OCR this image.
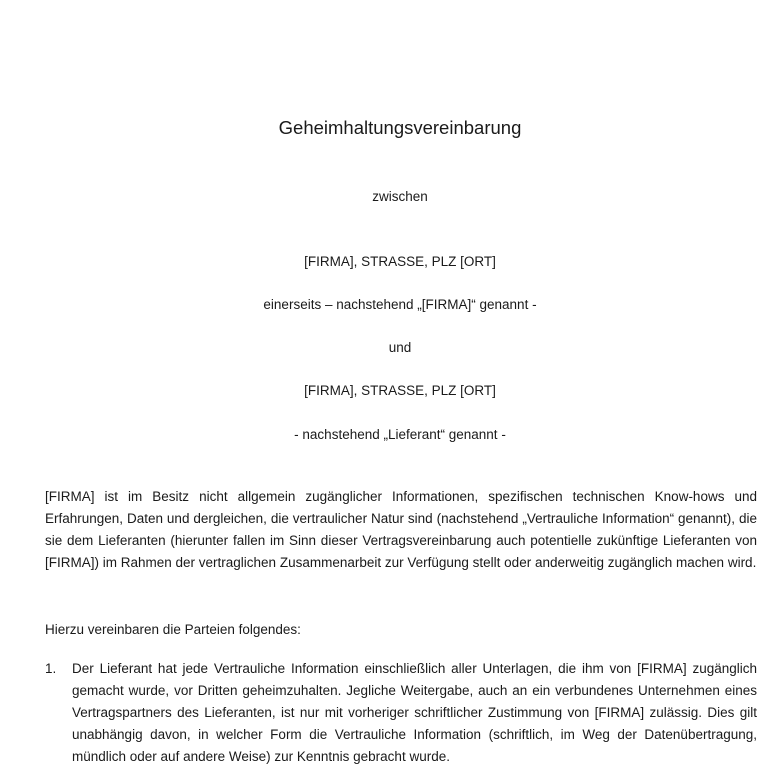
Geheimhaltungsvereinbarung
zwischen
[FIRMA], STRASSE, PLZ [ORT]
einerseits – nachstehend „[FIRMA]“ genannt -
und
[FIRMA], STRASSE, PLZ [ORT]
- nachstehend „Lieferant“ genannt -
[FIRMA] ist im Besitz nicht allgemein zugänglicher Informationen, spezifischen technischen Know-hows und Erfahrungen, Daten und dergleichen, die vertraulicher Natur sind (nachstehend „Vertrauliche Information“ genannt), die sie dem Lieferanten (hierunter fallen im Sinn dieser Vertragsvereinbarung auch potentielle zukünftige Lieferanten von [FIRMA]) im Rahmen der vertraglichen Zusammenarbeit zur Verfügung stellt oder anderweitig zugänglich machen wird.
Hierzu vereinbaren die Parteien folgendes:
1. Der Lieferant hat jede Vertrauliche Information einschließlich aller Unterlagen, die ihm von [FIRMA] zugänglich gemacht wurde, vor Dritten geheimzuhalten. Jegliche Weitergabe, auch an ein verbundenes Unternehmen eines Vertragspartners des Lieferanten, ist nur mit vorheriger schriftlicher Zustimmung von [FIRMA] zulässig. Dies gilt unabhängig davon, in welcher Form die Vertrauliche Information (schriftlich, im Weg der Datenübertragung, mündlich oder auf andere Weise) zur Kenntnis gebracht wurde.
